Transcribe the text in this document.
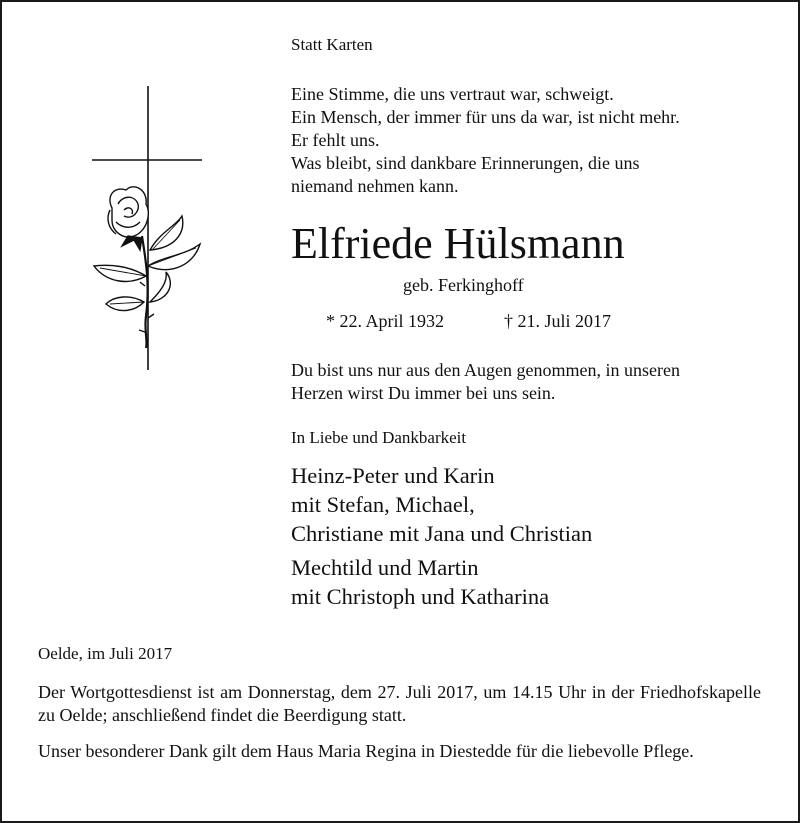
Statt Karten
Eine Stimme, die uns vertraut war, schweigt.
Ein Mensch, der immer für uns da war, ist nicht mehr.
Er fehlt uns.
Was bleibt, sind dankbare Erinnerungen, die uns
niemand nehmen kann.
Elfriede Hülsmann
geb. Ferkinghoff
* 22. April 1932	† 21. Juli 2017
Du bist uns nur aus den Augen genommen, in unseren
Herzen wirst Du immer bei uns sein.
In Liebe und Dankbarkeit
Heinz-Peter und Karin
mit Stefan, Michael,
Christiane mit Jana und Christian
Mechtild und Martin
mit Christoph und Katharina
Oelde, im Juli 2017
Der Wortgottesdienst ist am Donnerstag, dem 27. Juli 2017, um 14.15 Uhr in der Friedhofskapelle zu Oelde; anschließend findet die Beerdigung statt.
Unser besonderer Dank gilt dem Haus Maria Regina in Diestedde für die liebevolle Pflege.
